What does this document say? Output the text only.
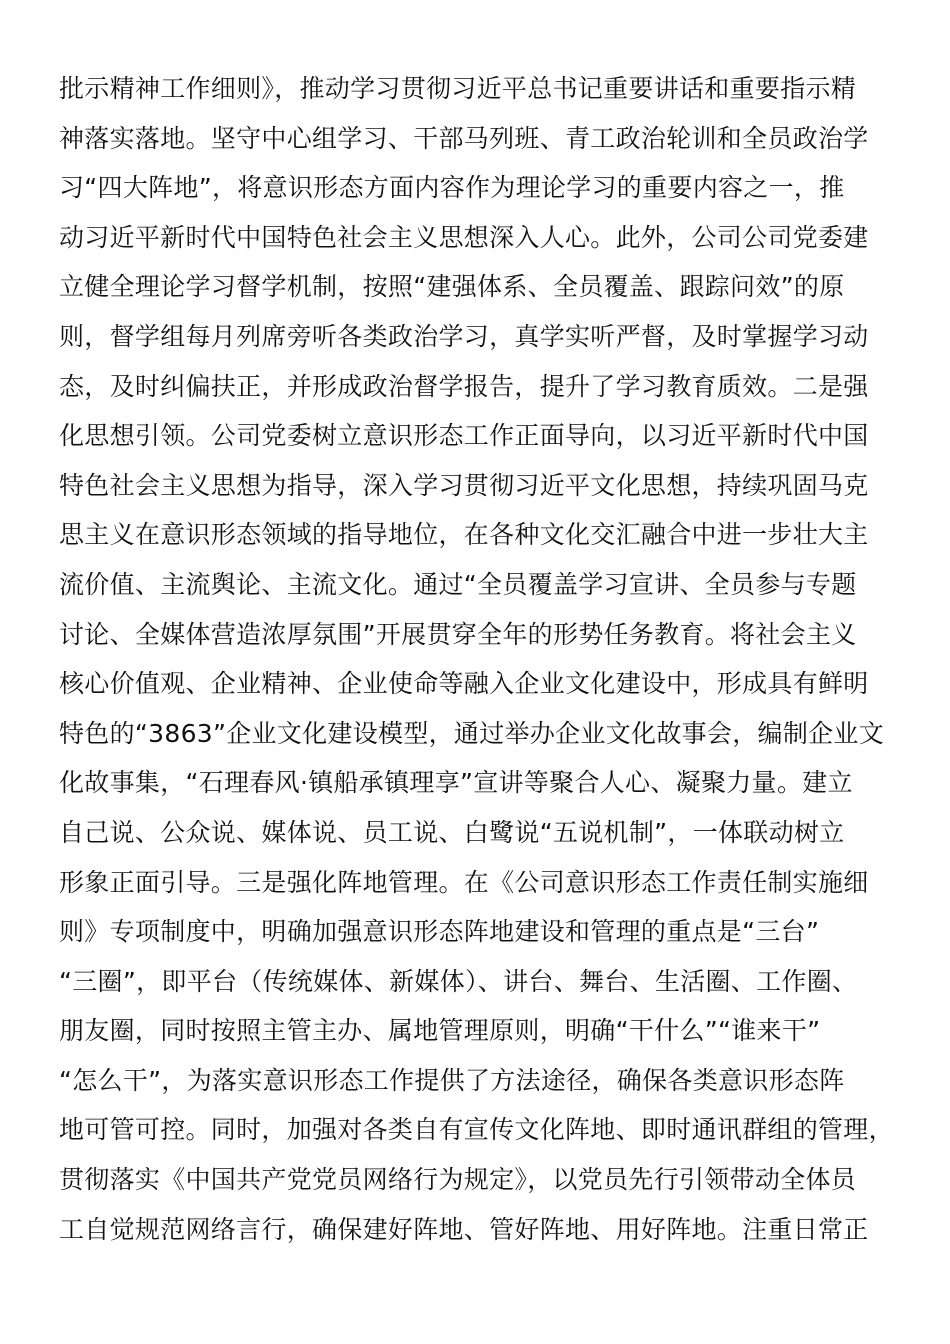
批示精神工作细则》，推动学习贯彻习近平总书记重要讲话和重要指示精
神落实落地。坚守中心组学习、干部马列班、青工政治轮训和全员政治学
习“四大阵地”，将意识形态方面内容作为理论学习的重要内容之一，推
动习近平新时代中国特色社会主义思想深入人心。此外，公司公司党委建
立健全理论学习督学机制，按照“建强体系、全员覆盖、跟踪问效”的原
则，督学组每月列席旁听各类政治学习，真学实听严督，及时掌握学习动
态，及时纠偏扶正，并形成政治督学报告，提升了学习教育质效。二是强
化思想引领。公司党委树立意识形态工作正面导向，以习近平新时代中国
特色社会主义思想为指导，深入学习贯彻习近平文化思想，持续巩固马克
思主义在意识形态领域的指导地位，在各种文化交汇融合中进一步壮大主
流价值、主流舆论、主流文化。通过“全员覆盖学习宣讲、全员参与专题
讨论、全媒体营造浓厚氛围”开展贯穿全年的形势任务教育。将社会主义
核心价值观、企业精神、企业使命等融入企业文化建设中，形成具有鲜明
特色的“3863”企业文化建设模型，通过举办企业文化故事会，编制企业文
化故事集，“石理春风·镇船承镇理享”宣讲等聚合人心、凝聚力量。建立
自己说、公众说、媒体说、员工说、白鹭说“五说机制”，一体联动树立
形象正面引导。三是强化阵地管理。在《公司意识形态工作责任制实施细
则》专项制度中，明确加强意识形态阵地建设和管理的重点是“三台”
“三圈”，即平台（传统媒体、新媒体）、讲台、舞台、生活圈、工作圈、
朋友圈，同时按照主管主办、属地管理原则，明确“干什么”“谁来干”
“怎么干”，为落实意识形态工作提供了方法途径，确保各类意识形态阵
地可管可控。同时，加强对各类自有宣传文化阵地、即时通讯群组的管理，
贯彻落实《中国共产党党员网络行为规定》，以党员先行引领带动全体员
工自觉规范网络言行，确保建好阵地、管好阵地、用好阵地。注重日常正
